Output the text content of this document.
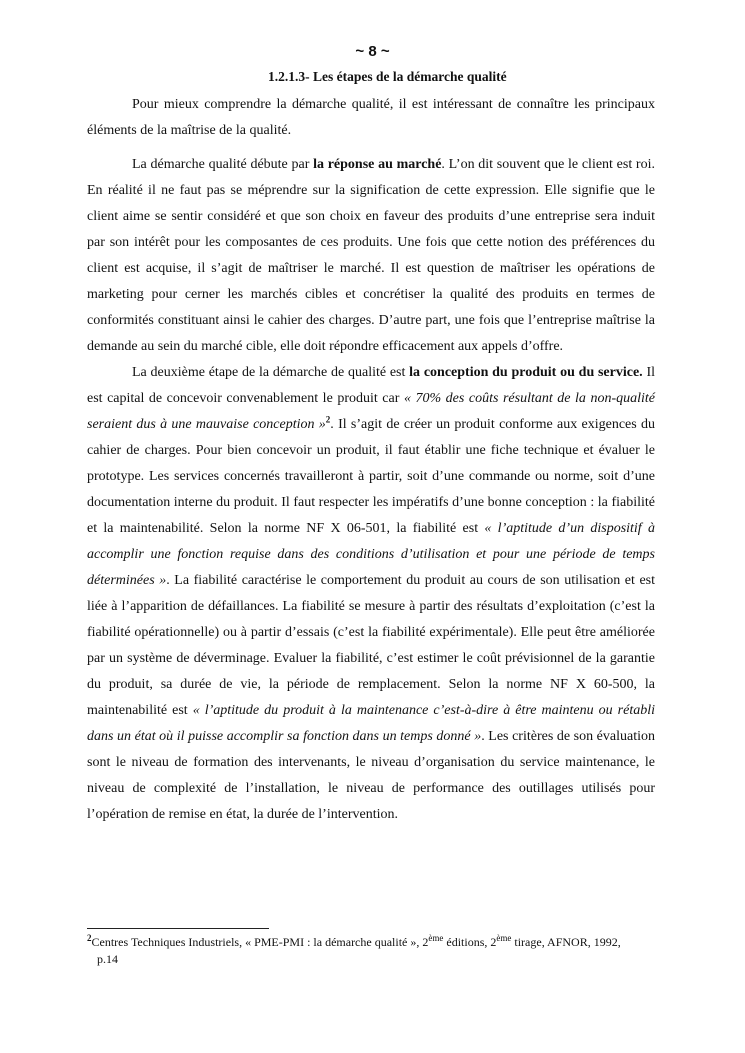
~ 8 ~
1.2.1.3- Les étapes de la démarche qualité

Pour mieux comprendre la démarche qualité, il est intéressant de connaître les principaux éléments de la maîtrise de la qualité.

La démarche qualité débute par la réponse au marché. L’on dit souvent que le client est roi. En réalité il ne faut pas se méprendre sur la signification de cette expression. Elle signifie que le client aime se sentir considéré et que son choix en faveur des produits d’une entreprise sera induit par son intérêt pour les composantes de ces produits. Une fois que cette notion des préférences du client est acquise, il s’agit de maîtriser le marché. Il est question de maîtriser les opérations de marketing pour cerner les marchés cibles et concrétiser la qualité des produits en termes de conformités constituant ainsi le cahier des charges. D’autre part, une fois que l’entreprise maîtrise la demande au sein du marché cible, elle doit répondre efficacement aux appels d’offre.

La deuxième étape de la démarche de qualité est la conception du produit ou du service. Il est capital de concevoir convenablement le produit car « 70% des coûts résultant de la non-qualité seraient dus à une mauvaise conception »$^2$. Il s’agit de créer un produit conforme aux exigences du cahier de charges. Pour bien concevoir un produit, il faut établir une fiche technique et évaluer le prototype. Les services concernés travailleront à partir, soit d’une commande ou norme, soit d’une documentation interne du produit. Il faut respecter les impératifs d’une bonne conception : la fiabilité et la maintenabilité. Selon la norme NF X 06-501, la fiabilité est « l’aptitude d’un dispositif à accomplir une fonction requise dans des conditions d’utilisation et pour une période de temps déterminées ». La fiabilité caractérise le comportement du produit au cours de son utilisation et est liée à l’apparition de défaillances. La fiabilité se mesure à partir des résultats d’exploitation (c’est la fiabilité opérationnelle) ou à partir d’essais (c’est la fiabilité expérimentale). Elle peut être améliorée par un système de déverminage. Evaluer la fiabilité, c’est estimer le coût prévisionnel de la garantie du produit, sa durée de vie, la période de remplacement. Selon la norme NF X 60-500, la maintenabilité est « l’aptitude du produit à la maintenance c’est-à-dire à être maintenu ou rétabli dans un état où il puisse accomplir sa fonction dans un temps donné ». Les critères de son évaluation sont le niveau de formation des intervenants, le niveau d’organisation du service maintenance, le niveau de complexité de l’installation, le niveau de performance des outillages utilisés pour l’opération de remise en état, la durée de l’intervention.

$^2$Centres Techniques Industriels, « PME-PMI : la démarche qualité », 2ème éditions, 2ème tirage, AFNOR, 1992,
p.14
